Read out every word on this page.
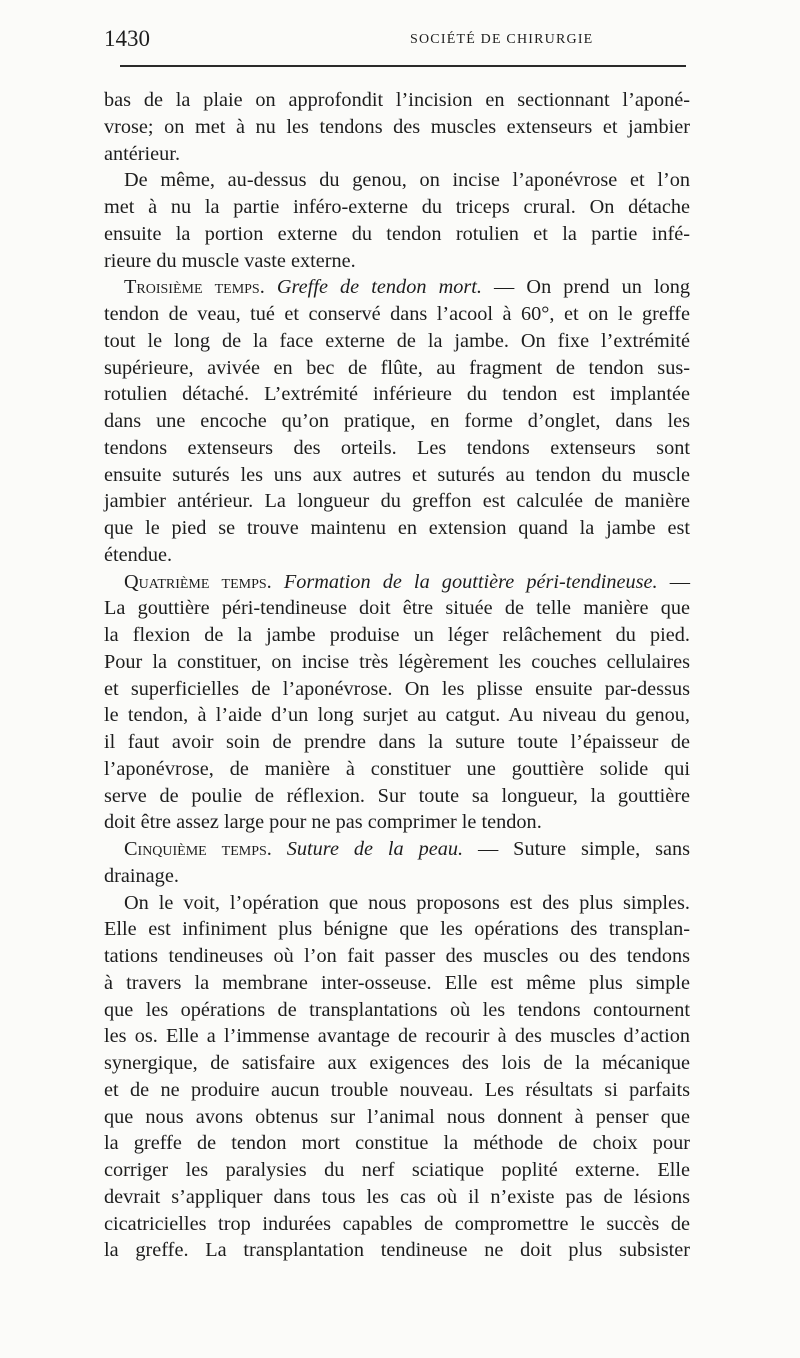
1430	SOCIÉTÉ DE CHIRURGIE
bas de la plaie on approfondit l’incision en sectionnant l’aponé-
vrose; on met à nu les tendons des muscles extenseurs et jambier
antérieur.
De même, au-dessus du genou, on incise l’aponévrose et l’on
met à nu la partie inféro-externe du triceps crural. On détache
ensuite la portion externe du tendon rotulien et la partie infé-
rieure du muscle vaste externe.
Troisième temps. Greffe de tendon mort. — On prend un long
tendon de veau, tué et conservé dans l’acool à 60°, et on le greffe
tout le long de la face externe de la jambe. On fixe l’extrémité
supérieure, avivée en bec de flûte, au fragment de tendon sus-
rotulien détaché. L’extrémité inférieure du tendon est implantée
dans une encoche qu’on pratique, en forme d’onglet, dans les
tendons extenseurs des orteils. Les tendons extenseurs sont
ensuite suturés les uns aux autres et suturés au tendon du muscle
jambier antérieur. La longueur du greffon est calculée de manière
que le pied se trouve maintenu en extension quand la jambe est
étendue.
Quatrième temps. Formation de la gouttière péri-tendineuse. —
La gouttière péri-tendineuse doit être située de telle manière que
la flexion de la jambe produise un léger relâchement du pied.
Pour la constituer, on incise très légèrement les couches cellulaires
et superficielles de l’aponévrose. On les plisse ensuite par-dessus
le tendon, à l’aide d’un long surjet au catgut. Au niveau du genou,
il faut avoir soin de prendre dans la suture toute l’épaisseur de
l’aponévrose, de manière à constituer une gouttière solide qui
serve de poulie de réflexion. Sur toute sa longueur, la gouttière
doit être assez large pour ne pas comprimer le tendon.
Cinquième temps. Suture de la peau. — Suture simple, sans
drainage.
On le voit, l’opération que nous proposons est des plus simples.
Elle est infiniment plus bénigne que les opérations des transplan-
tations tendineuses où l’on fait passer des muscles ou des tendons
à travers la membrane inter-osseuse. Elle est même plus simple
que les opérations de transplantations où les tendons contournent
les os. Elle a l’immense avantage de recourir à des muscles d’action
synergique, de satisfaire aux exigences des lois de la mécanique
et de ne produire aucun trouble nouveau. Les résultats si parfaits
que nous avons obtenus sur l’animal nous donnent à penser que
la greffe de tendon mort constitue la méthode de choix pour
corriger les paralysies du nerf sciatique poplité externe. Elle
devrait s’appliquer dans tous les cas où il n’existe pas de lésions
cicatricielles trop indurées capables de compromettre le succès de
la greffe. La transplantation tendineuse ne doit plus subsister
